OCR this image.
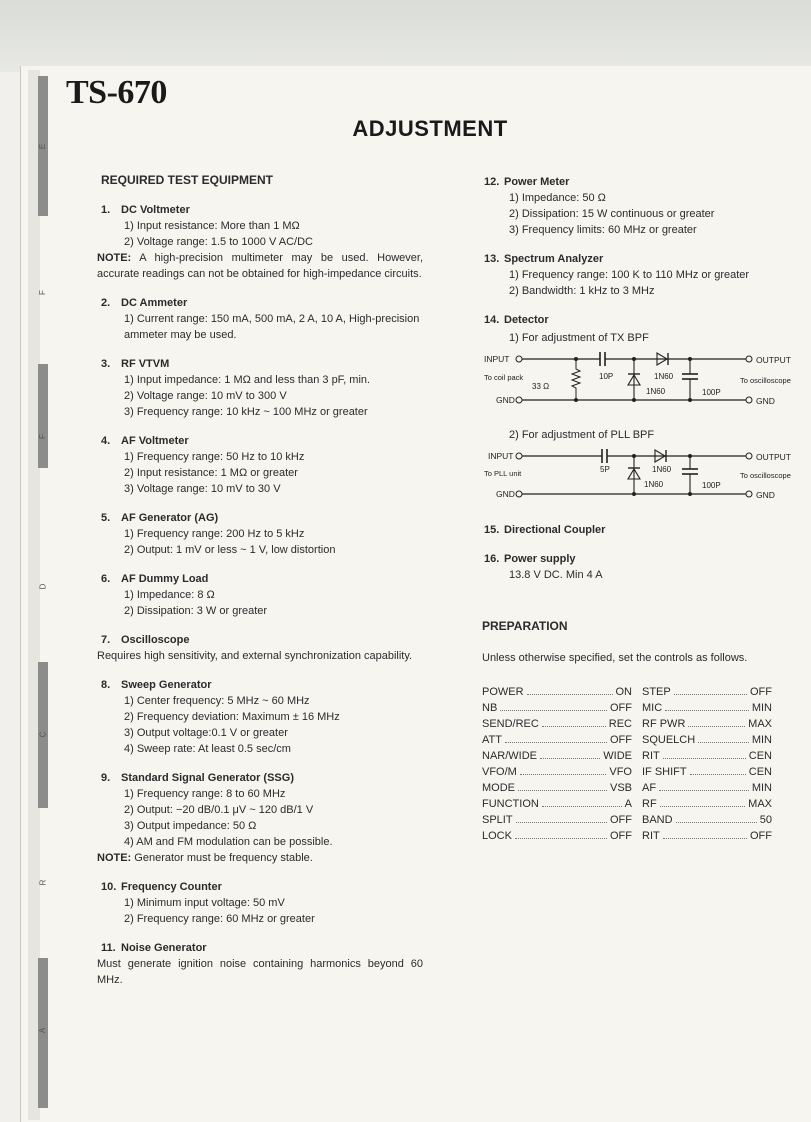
E
F
F
D
C
R
A
TS-670
ADJUSTMENT
REQUIRED TEST EQUIPMENT
1. DC Voltmeter
1) Input resistance: More than 1 MΩ
2) Voltage range: 1.5 to 1000 V AC/DC
NOTE: A high-precision multimeter may be used. However, accurate readings can not be obtained for high-impedance circuits.
2. DC Ammeter
1) Current range: 150 mA, 500 mA, 2 A, 10 A, High-precision ammeter may be used.
3. RF VTVM
1) Input impedance: 1 MΩ and less than 3 pF, min.
2) Voltage range: 10 mV to 300 V
3) Frequency range: 10 kHz ~ 100 MHz or greater
4. AF Voltmeter
1) Frequency range: 50 Hz to 10 kHz
2) Input resistance: 1 MΩ or greater
3) Voltage range: 10 mV to 30 V
5. AF Generator (AG)
1) Frequency range: 200 Hz to 5 kHz
2) Output: 1 mV or less ~ 1 V, low distortion
6. AF Dummy Load
1) Impedance: 8 Ω
2) Dissipation: 3 W or greater
7. Oscilloscope
Requires high sensitivity, and external synchronization capability.
8. Sweep Generator
1) Center frequency: 5 MHz ~ 60 MHz
2) Frequency deviation: Maximum ± 16 MHz
3) Output voltage:0.1 V or greater
4) Sweep rate: At least 0.5 sec/cm
9. Standard Signal Generator (SSG)
1) Frequency range: 8 to 60 MHz
2) Output: −20 dB/0.1 μV ~ 120 dB/1 V
3) Output impedance: 50 Ω
4) AM and FM modulation can be possible.
NOTE: Generator must be frequency stable.
10. Frequency Counter
1) Minimum input voltage: 50 mV
2) Frequency range: 60 MHz or greater
11. Noise Generator
Must generate ignition noise containing harmonics beyond 60 MHz.
12. Power Meter
1) Impedance: 50 Ω
2) Dissipation: 15 W continuous or greater
3) Frequency limits: 60 MHz or greater
13. Spectrum Analyzer
1) Frequency range: 100 K to 110 MHz or greater
2) Bandwidth: 1 kHz to 3 MHz
14. Detector
1) For adjustment of TX BPF
INPUT	OUTPUT
To coil pack	To oscilloscope
33 Ω
10P	1N60
1N60	100P
GND	GND
2) For adjustment of PLL BPF
INPUT	OUTPUT
To PLL unit	To oscilloscope
5P	1N60
1N60	100P
GND	GND
15. Directional Coupler
16. Power supply
13.8 V DC. Min 4 A
PREPARATION
Unless otherwise specified, set the controls as follows.
POWER	ON
NB	OFF
SEND/REC	REC
ATT	OFF
NAR/WIDE	WIDE
VFO/M	VFO
MODE	VSB
FUNCTION	A
SPLIT	OFF
LOCK	OFF
STEP	OFF
MIC	MIN
RF PWR	MAX
SQUELCH	MIN
RIT	CEN
IF SHIFT	CEN
AF	MIN
RF	MAX
BAND	50
RIT	OFF
